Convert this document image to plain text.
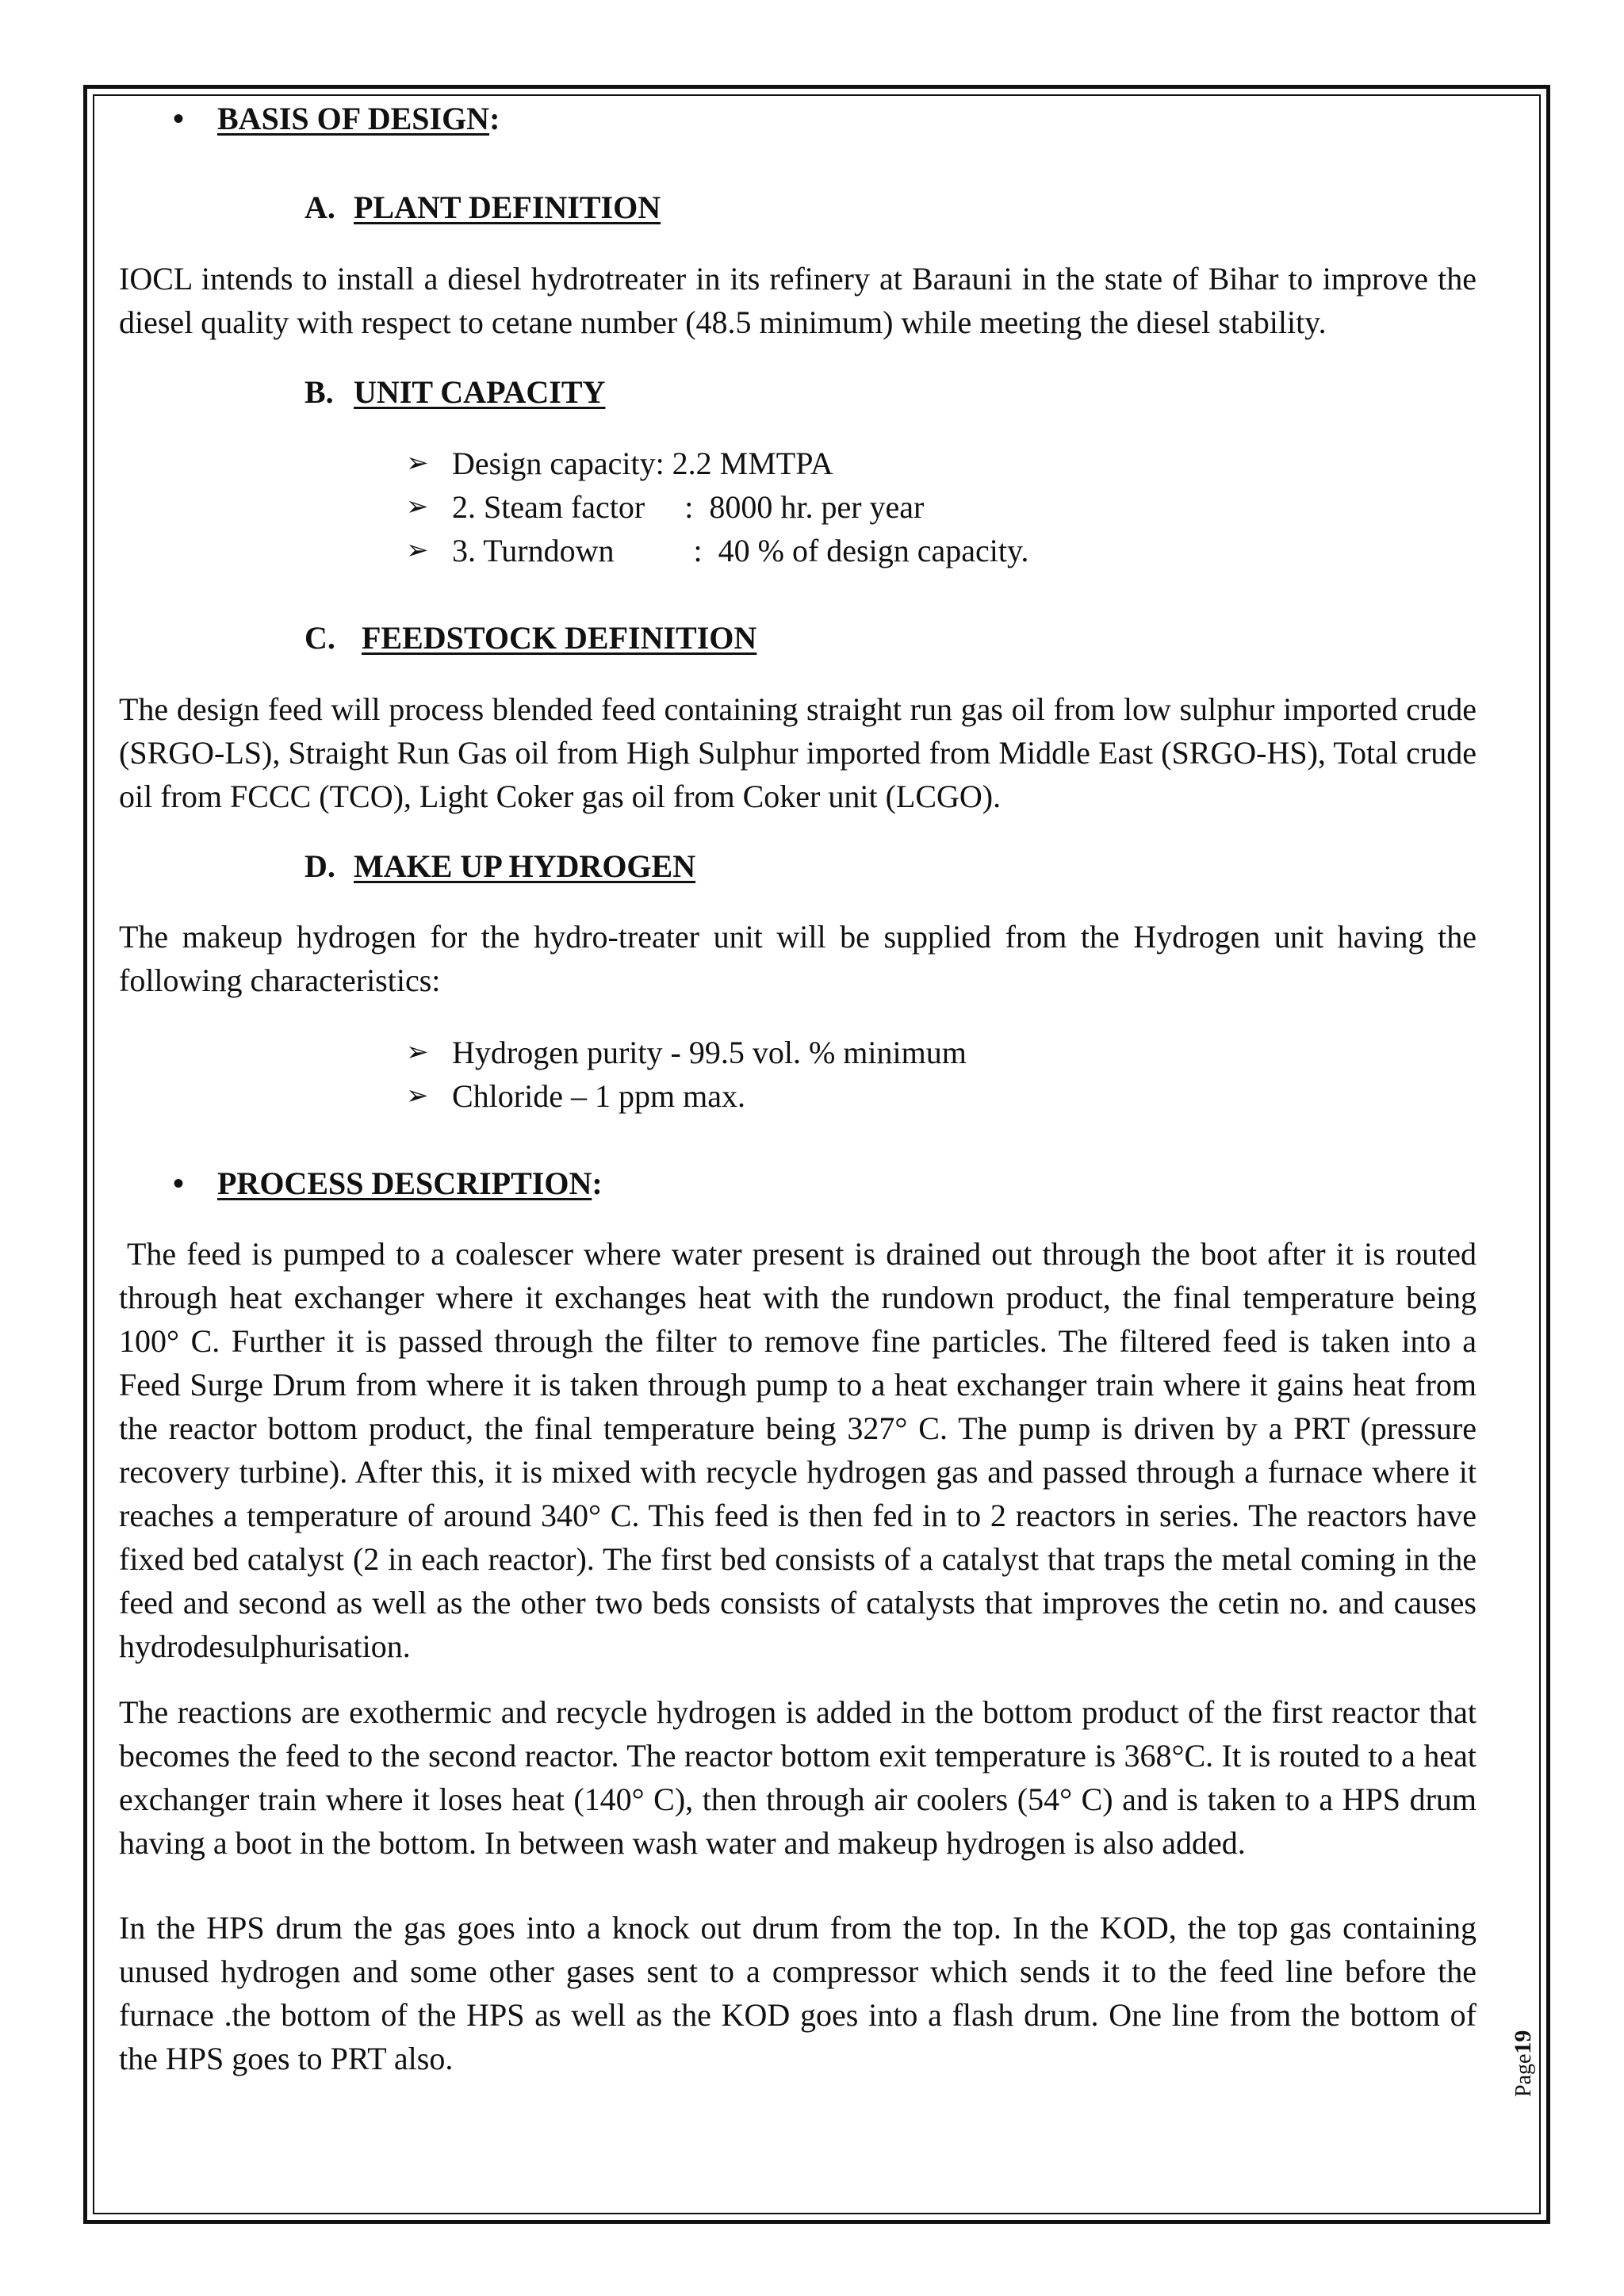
• BASIS OF DESIGN:
A. PLANT DEFINITION
IOCL intends to install a diesel hydrotreater in its refinery at Barauni in the state of Bihar to improve the diesel quality with respect to cetane number (48.5 minimum) while meeting the diesel stability.
B. UNIT CAPACITY
➢ Design capacity: 2.2 MMTPA
➢ 2. Steam factor     :  8000 hr. per year
➢ 3. Turndown          :  40 % of design capacity.
C. FEEDSTOCK DEFINITION
The design feed will process blended feed containing straight run gas oil from low sulphur imported crude (SRGO-LS), Straight Run Gas oil from High Sulphur imported from Middle East (SRGO-HS), Total crude oil from FCCC (TCO), Light Coker gas oil from Coker unit (LCGO).
D. MAKE UP HYDROGEN
The makeup hydrogen for the hydro-treater unit will be supplied from the Hydrogen unit having the following characteristics:
➢ Hydrogen purity - 99.5 vol. % minimum
➢ Chloride – 1 ppm max.
• PROCESS DESCRIPTION:
The feed is pumped to a coalescer where water present is drained out through the boot after it is routed through heat exchanger where it exchanges heat with the rundown product, the final temperature being 100° C. Further it is passed through the filter to remove fine particles. The filtered feed is taken into a Feed Surge Drum from where it is taken through pump to a heat exchanger train where it gains heat from the reactor bottom product, the final temperature being 327° C. The pump is driven by a PRT (pressure recovery turbine). After this, it is mixed with recycle hydrogen gas and passed through a furnace where it reaches a temperature of around 340° C. This feed is then fed in to 2 reactors in series. The reactors have fixed bed catalyst (2 in each reactor). The first bed consists of a catalyst that traps the metal coming in the feed and second as well as the other two beds consists of catalysts that improves the cetin no. and causes hydrodesulphurisation.
The reactions are exothermic and recycle hydrogen is added in the bottom product of the first reactor that becomes the feed to the second reactor. The reactor bottom exit temperature is 368°C. It is routed to a heat exchanger train where it loses heat (140° C), then through air coolers (54° C) and is taken to a HPS drum having a boot in the bottom. In between wash water and makeup hydrogen is also added.
In the HPS drum the gas goes into a knock out drum from the top. In the KOD, the top gas containing unused hydrogen and some other gases sent to a compressor which sends it to the feed line before the furnace .the bottom of the HPS as well as the KOD goes into a flash drum. One line from the bottom of the HPS goes to PRT also.	Page19
